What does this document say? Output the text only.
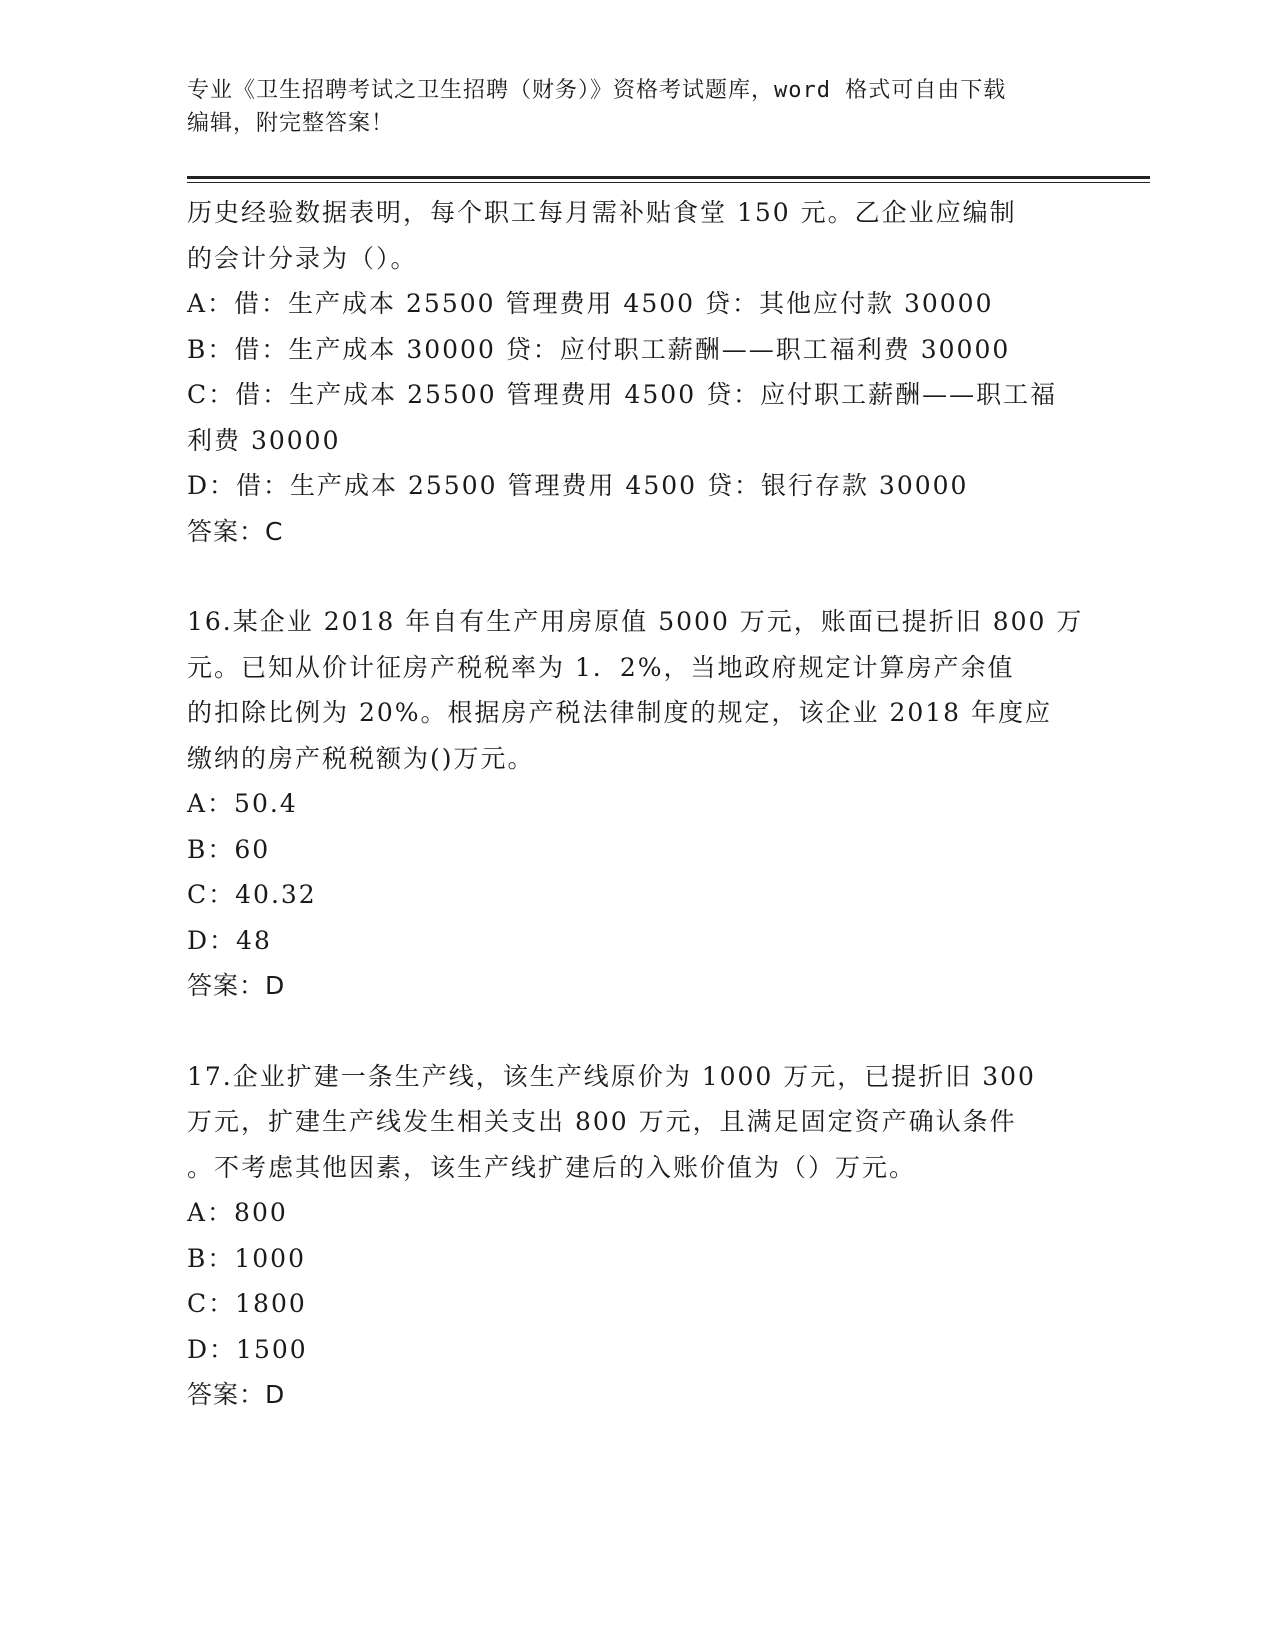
专业《卫生招聘考试之卫生招聘（财务）》资格考试题库，word 格式可自由下载
编辑，附完整答案！
历史经验数据表明，每个职工每月需补贴食堂 150 元。乙企业应编制
的会计分录为（）。
A：借：生产成本 25500 管理费用 4500 贷：其他应付款 30000
B：借：生产成本 30000 贷：应付职工薪酬——职工福利费 30000
C：借：生产成本 25500 管理费用 4500 贷：应付职工薪酬——职工福
利费 30000
D：借：生产成本 25500 管理费用 4500 贷：银行存款 30000
答案：C
16.某企业 2018 年自有生产用房原值 5000 万元，账面已提折旧 800 万
元。已知从价计征房产税税率为 1．2%，当地政府规定计算房产余值
的扣除比例为 20%。根据房产税法律制度的规定，该企业 2018 年度应
缴纳的房产税税额为()万元。
A：50.4
B：60
C：40.32
D：48
答案：D
17.企业扩建一条生产线，该生产线原价为 1000 万元，已提折旧 300
万元，扩建生产线发生相关支出 800 万元，且满足固定资产确认条件
。不考虑其他因素，该生产线扩建后的入账价值为（）万元。
A：800
B：1000
C：1800
D：1500
答案：D
